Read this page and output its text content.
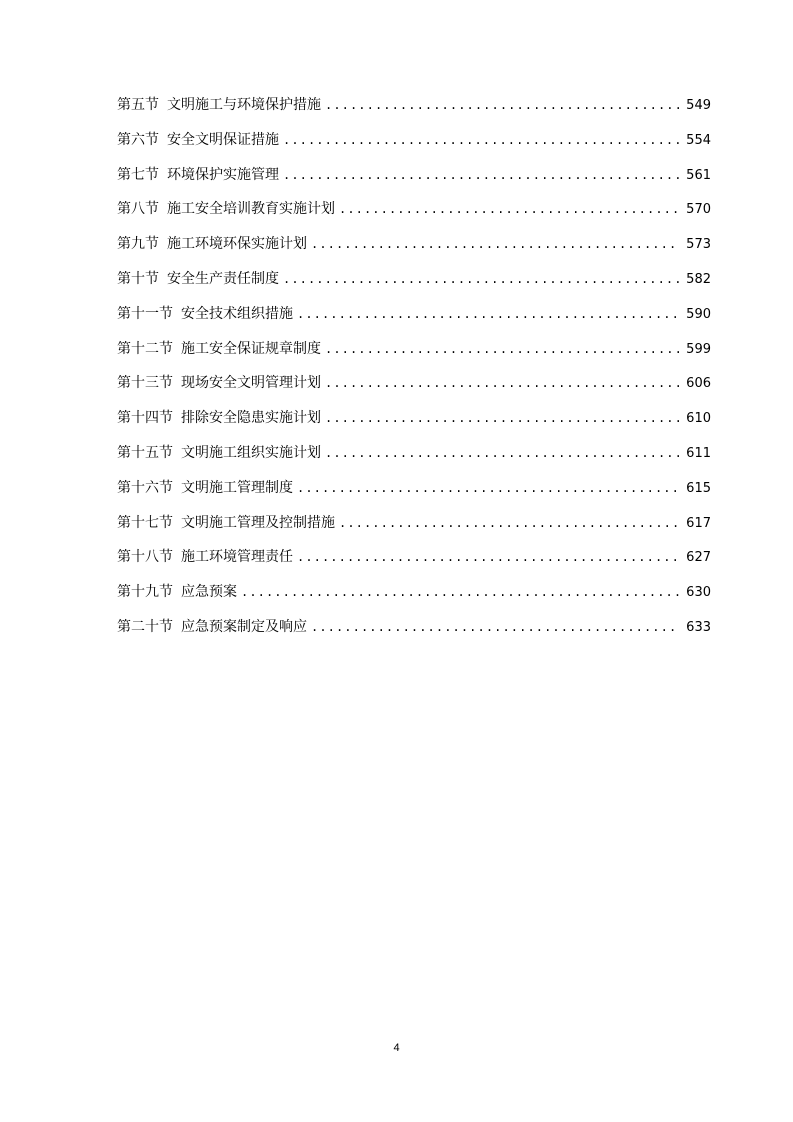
第五节 文明施工与环境保护措施 .....	549
第六节 安全文明保证措施 .....	554
第七节 环境保护实施管理 .....	561
第八节 施工安全培训教育实施计划 .....	570
第九节 施工环境环保实施计划 .....	573
第十节 安全生产责任制度 .....	582
第十一节 安全技术组织措施 .....	590
第十二节 施工安全保证规章制度 .....	599
第十三节 现场安全文明管理计划 .....	606
第十四节 排除安全隐患实施计划 .....	610
第十五节 文明施工组织实施计划 .....	611
第十六节 文明施工管理制度 .....	615
第十七节 文明施工管理及控制措施 .....	617
第十八节 施工环境管理责任 .....	627
第十九节 应急预案 .....	630
第二十节 应急预案制定及响应 .....	633
4
